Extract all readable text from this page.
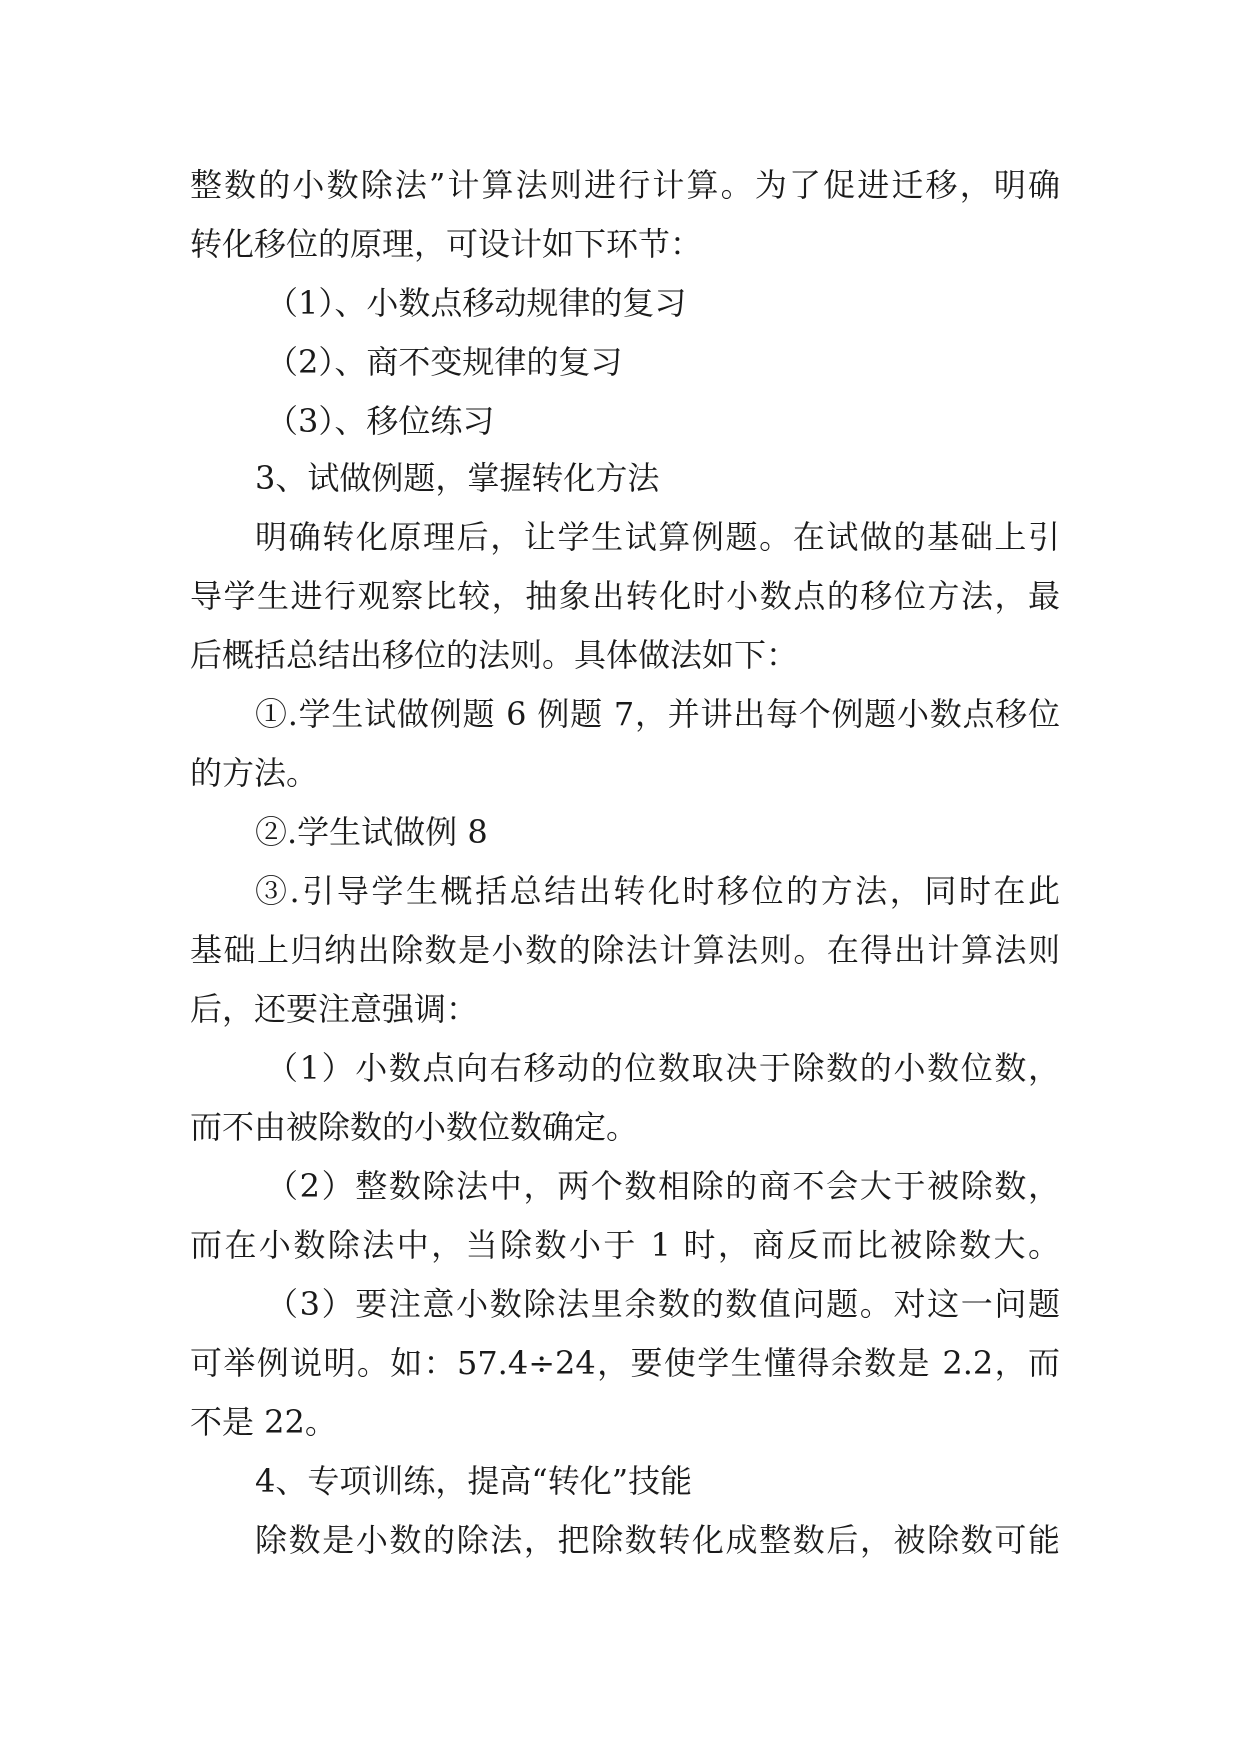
整数的小数除法”计算法则进行计算。为了促进迁移，明确
转化移位的原理，可设计如下环节：
（1）、小数点移动规律的复习
（2）、商不变规律的复习
（3）、移位练习
3、试做例题，掌握转化方法
明确转化原理后，让学生试算例题。在试做的基础上引
导学生进行观察比较，抽象出转化时小数点的移位方法，最
后概括总结出移位的法则。具体做法如下：
①.学生试做例题 6 例题 7，并讲出每个例题小数点移位
的方法。
②.学生试做例 8
③.引导学生概括总结出转化时移位的方法，同时在此
基础上归纳出除数是小数的除法计算法则。在得出计算法则
后，还要注意强调：
（1）小数点向右移动的位数取决于除数的小数位数，
而不由被除数的小数位数确定。
（2）整数除法中，两个数相除的商不会大于被除数，
而在小数除法中，当除数小于 1 时，商反而比被除数大。
（3）要注意小数除法里余数的数值问题。对这一问题
可举例说明。如：57.4÷24，要使学生懂得余数是 2.2，而
不是 22。
4、专项训练，提高“转化”技能
除数是小数的除法，把除数转化成整数后，被除数可能
